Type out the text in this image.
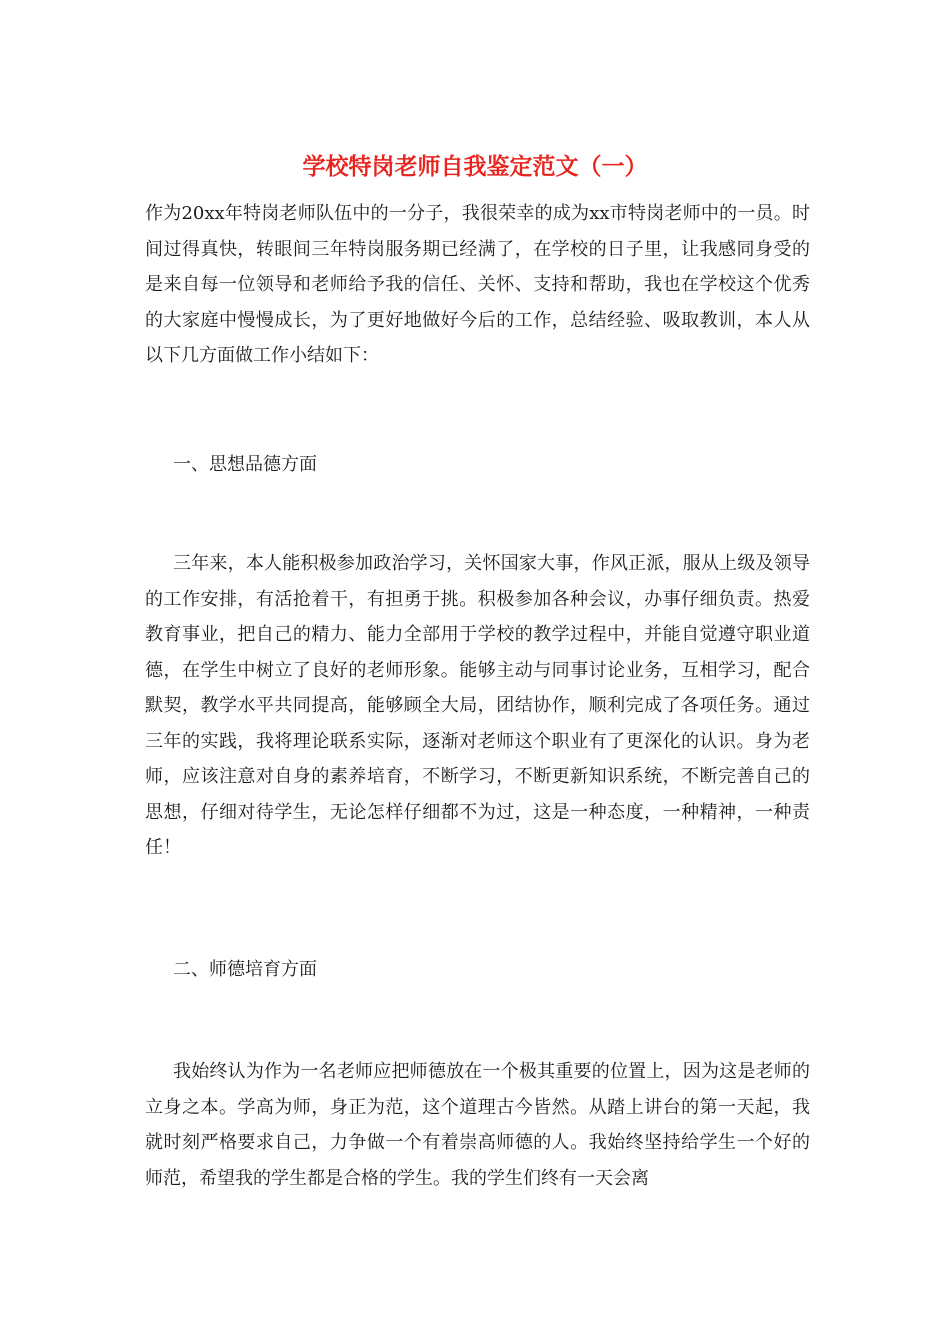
学校特岗老师自我鉴定范文（一）

作为20xx年特岗老师队伍中的一分子，我很荣幸的成为xx市特岗老师中的一员。时间过得真快，转眼间三年特岗服务期已经满了，在学校的日子里，让我感同身受的是来自每一位领导和老师给予我的信任、关怀、支持和帮助，我也在学校这个优秀的大家庭中慢慢成长，为了更好地做好今后的工作，总结经验、吸取教训，本人从以下几方面做工作小结如下：

一、思想品德方面

三年来，本人能积极参加政治学习，关怀国家大事，作风正派，服从上级及领导的工作安排，有活抢着干，有担勇于挑。积极参加各种会议，办事仔细负责。热爱教育事业，把自己的精力、能力全部用于学校的教学过程中，并能自觉遵守职业道德，在学生中树立了良好的老师形象。能够主动与同事讨论业务，互相学习，配合默契，教学水平共同提高，能够顾全大局，团结协作，顺利完成了各项任务。通过三年的实践，我将理论联系实际，逐渐对老师这个职业有了更深化的认识。身为老师，应该注意对自身的素养培育，不断学习，不断更新知识系统，不断完善自己的思想，仔细对待学生，无论怎样仔细都不为过，这是一种态度，一种精神，一种责任！

二、师德培育方面

我始终认为作为一名老师应把师德放在一个极其重要的位置上，因为这是老师的立身之本。学高为师，身正为范，这个道理古今皆然。从踏上讲台的第一天起，我就时刻严格要求自己，力争做一个有着崇高师德的人。我始终坚持给学生一个好的师范，希望我的学生都是合格的学生。我的学生们终有一天会离
